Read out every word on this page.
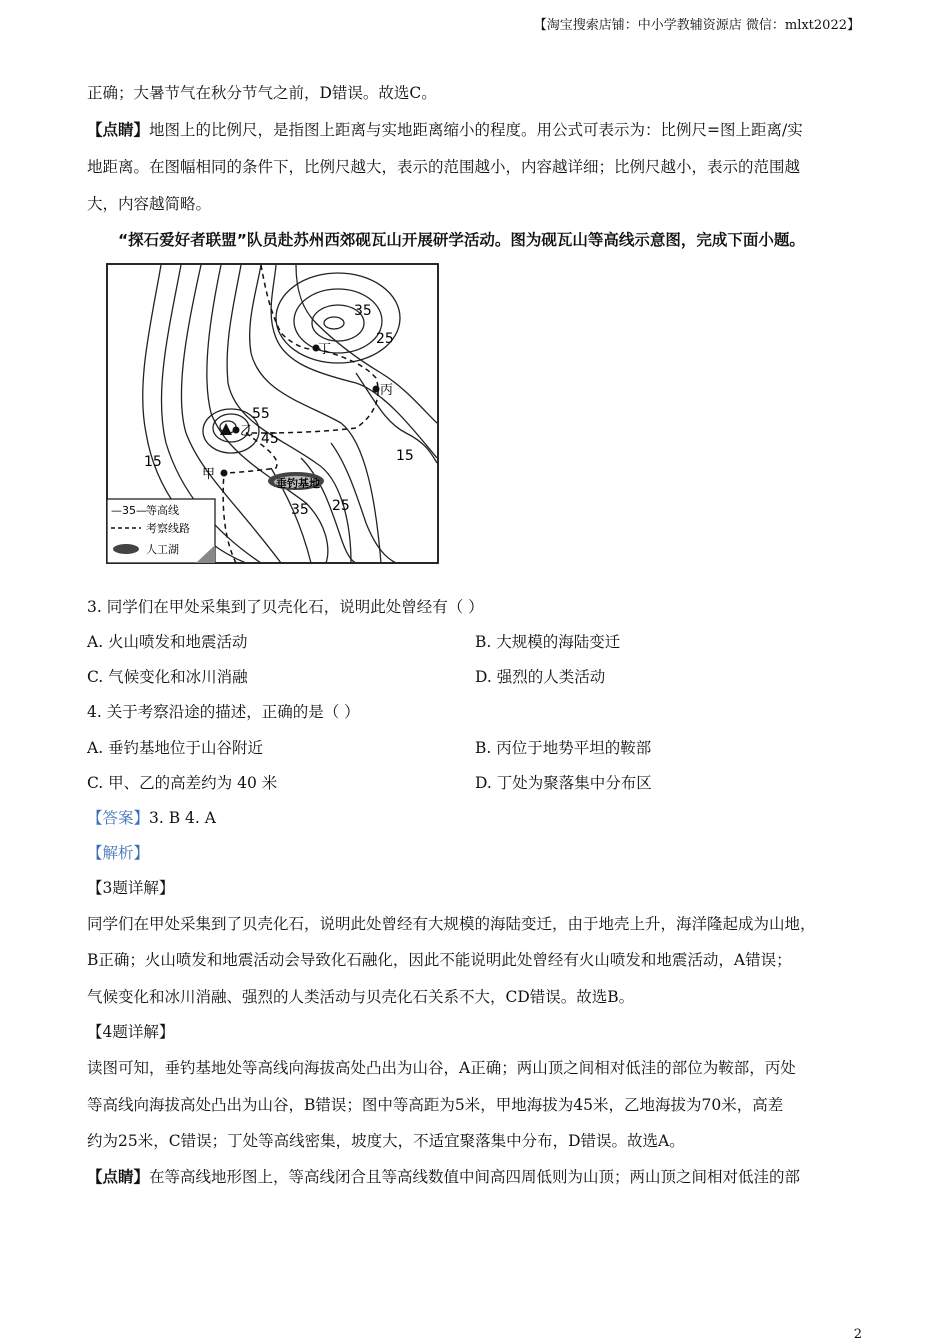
【淘宝搜索店铺：中小学教辅资源店 微信：mlxt2022】
正确；大暑节气在秋分节气之前，D错误。故选C。
【点睛】地图上的比例尺，是指图上距离与实地距离缩小的程度。用公式可表示为：比例尺=图上距离/实
地距离。在图幅相同的条件下，比例尺越大，表示的范围越小，内容越详细；比例尺越小，表示的范围越
大，内容越简略。
“探石爱好者联盟”队员赴苏州西郊砚瓦山开展研学活动。图为砚瓦山等高线示意图，完成下面小题。
垂钓基地
丁
丙
乙
甲
35
25
55
45
15	15
35 25
—35— 等高线
考察线路
人工湖
3. 同学们在甲处采集到了贝壳化石，说明此处曾经有（ ）
A. 火山喷发和地震活动	B. 大规模的海陆变迁
C. 气候变化和冰川消融	D. 强烈的人类活动
4. 关于考察沿途的描述，正确的是（ ）
A. 垂钓基地位于山谷附近	B. 丙位于地势平坦的鞍部
C. 甲、乙的高差约为 40 米	D. 丁处为聚落集中分布区
【答案】3. B 4. A
【解析】
【3题详解】
同学们在甲处采集到了贝壳化石，说明此处曾经有大规模的海陆变迁，由于地壳上升，海洋隆起成为山地，
B正确；火山喷发和地震活动会导致化石融化，因此不能说明此处曾经有火山喷发和地震活动，A错误；
气候变化和冰川消融、强烈的人类活动与贝壳化石关系不大，CD错误。故选B。
【4题详解】
读图可知，垂钓基地处等高线向海拔高处凸出为山谷，A正确；两山顶之间相对低洼的部位为鞍部，丙处
等高线向海拔高处凸出为山谷，B错误；图中等高距为5米，甲地海拔为45米，乙地海拔为70米，高差
约为25米，C错误；丁处等高线密集，坡度大，不适宜聚落集中分布，D错误。故选A。
【点睛】在等高线地形图上，等高线闭合且等高线数值中间高四周低则为山顶；两山顶之间相对低洼的部
2
